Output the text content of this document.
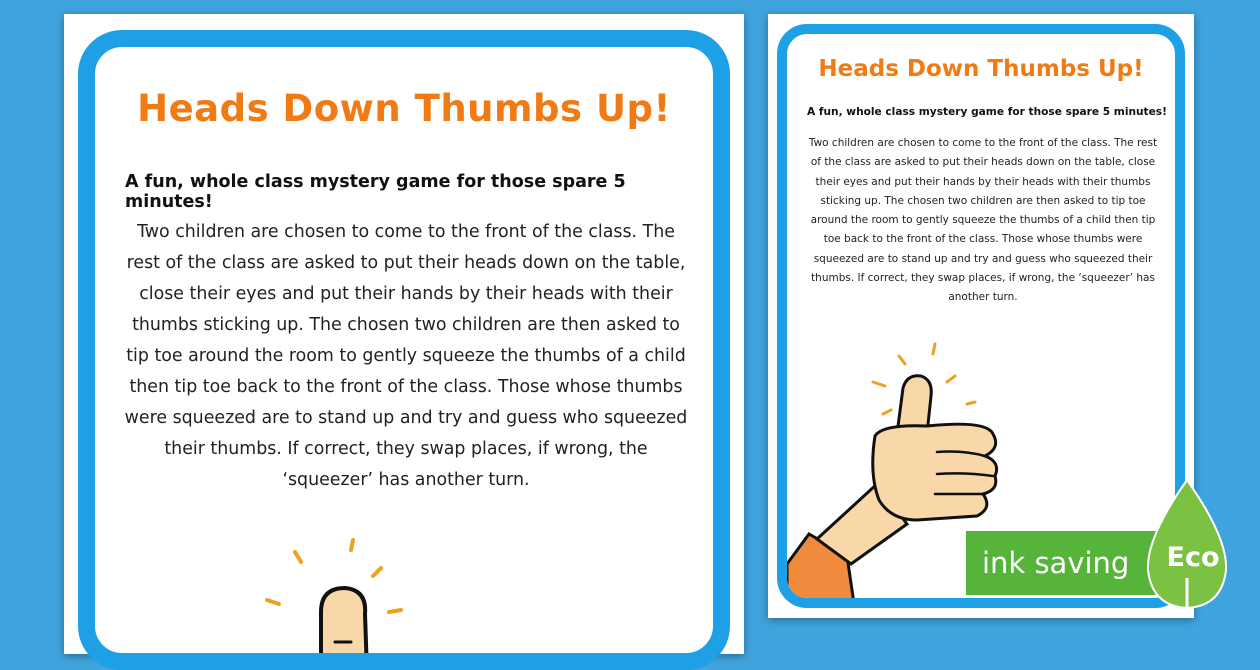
Heads Down Thumbs Up!

A fun, whole class mystery game for those spare 5 minutes!

Two children are chosen to come to the front of the class. The rest of the class are asked to put their heads down on the table, close their eyes and put their hands by their heads with their thumbs sticking up. The chosen two children are then asked to tip toe around the room to gently squeeze the thumbs of a child then tip toe back to the front of the class. Those whose thumbs were squeezed are to stand up and try and guess who squeezed their thumbs. If correct, they swap places, if wrong, the ‘squeezer’ has another turn.

Heads Down Thumbs Up!

A fun, whole class mystery game for those spare 5 minutes!

Two children are chosen to come to the front of the class. The rest of the class are asked to put their heads down on the table, close their eyes and put their hands by their heads with their thumbs sticking up. The chosen two children are then asked to tip toe around the room to gently squeeze the thumbs of a child then tip toe back to the front of the class. Those whose thumbs were squeezed are to stand up and try and guess who squeezed their thumbs. If correct, they swap places, if wrong, the ‘squeezer’ has another turn.

ink saving	Eco
